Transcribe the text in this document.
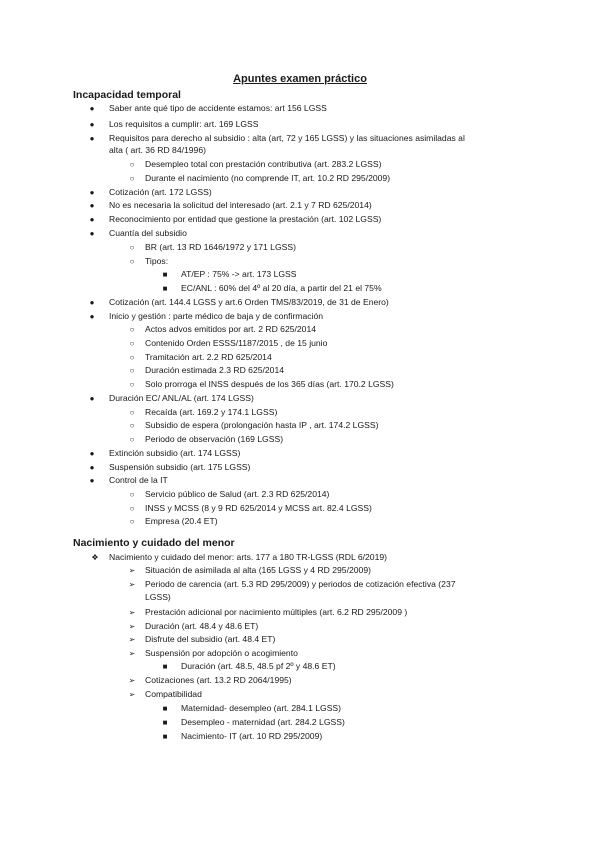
Apuntes examen práctico
Incapacidad temporal
● Saber ante qué tipo de accidente estamos: art 156 LGSS
● Los requisitos a cumplir: art. 169 LGSS
● Requisitos para derecho al subsidio : alta (art, 72 y 165 LGSS) y las situaciones asimiladas al
alta ( art. 36 RD 84/1996)
○ Desempleo total con prestación contributiva (art. 283.2 LGSS)
○ Durante el nacimiento (no comprende IT, art. 10.2 RD 295/2009)
● Cotización (art. 172 LGSS)
● No es necesaria la solicitud del interesado (art. 2.1 y 7 RD 625/2014)
● Reconocimiento por entidad que gestione la prestación (art. 102 LGSS)
● Cuantía del subsidio
○ BR (art. 13 RD 1646/1972 y 171 LGSS)
○ Tipos:
■ AT/EP : 75% -> art. 173 LGSS
■ EC/ANL : 60% del 4º al 20 día, a partir del 21 el 75%
● Cotización (art. 144.4 LGSS y art.6 Orden TMS/83/2019, de 31 de Enero)
● Inicio y gestión : parte médico de baja y de confirmación
○ Actos advos emitidos por art. 2 RD 625/2014
○ Contenido Orden ESSS/1187/2015 , de 15 junio
○ Tramitación art. 2.2 RD 625/2014
○ Duración estimada 2.3 RD 625/2014
○ Solo prorroga el INSS después de los 365 días (art. 170.2 LGSS)
● Duración EC/ ANL/AL (art. 174 LGSS)
○ Recaída (art. 169.2 y 174.1 LGSS)
○ Subsidio de espera (prolongación hasta IP , art. 174.2 LGSS)
○ Periodo de observación (169 LGSS)
● Extinción subsidio (art. 174 LGSS)
● Suspensión subsidio (art. 175 LGSS)
● Control de la IT
○ Servicio público de Salud (art. 2.3 RD 625/2014)
○ INSS y MCSS (8 y 9 RD 625/2014 y MCSS art. 82.4 LGSS)
○ Empresa (20.4 ET)
Nacimiento y cuidado del menor
❖ Nacimiento y cuidado del menor: arts. 177 a 180 TR-LGSS (RDL 6/2019)
➢ Situación de asimilada al alta (165 LGSS y 4 RD 295/2009)
➢ Periodo de carencia (art. 5.3 RD 295/2009) y periodos de cotización efectiva (237
LGSS)
➢ Prestación adicional por nacimiento múltiples (art. 6.2 RD 295/2009 )
➢ Duración (art. 48.4 y 48.6 ET)
➢ Disfrute del subsidio (art. 48.4 ET)
➢ Suspensión por adopción o acogimiento
■ Duración (art. 48.5, 48.5 pf 2º y 48.6 ET)
➢ Cotizaciones (art. 13.2 RD 2064/1995)
➢ Compatibilidad
■ Maternidad- desempleo (art. 284.1 LGSS)
■ Desempleo - maternidad (art. 284.2 LGSS)
■ Nacimiento- IT (art. 10 RD 295/2009)
